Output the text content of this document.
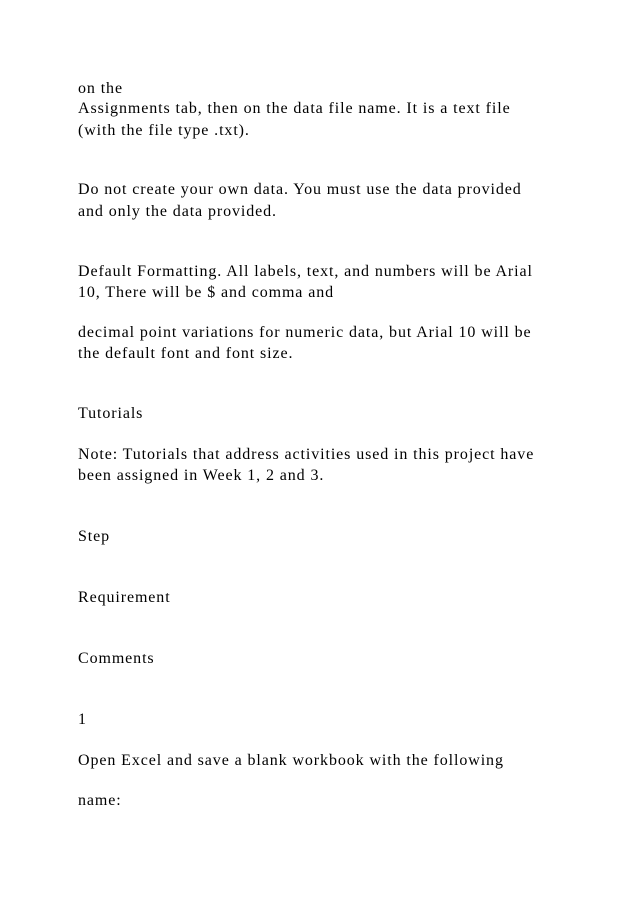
on the

Assignments tab, then on the data file name. It is a text file

(with the file type .txt).

Do not create your own data. You must use the data provided

and only the data provided.

Default Formatting. All labels, text, and numbers will be Arial

10, There will be $ and comma and

decimal point variations for numeric data, but Arial 10 will be

the default font and font size.

Tutorials

Note: Tutorials that address activities used in this project have

been assigned in Week 1, 2 and 3.

Step

Requirement

Comments

1

Open Excel and save a blank workbook with the following

name:
